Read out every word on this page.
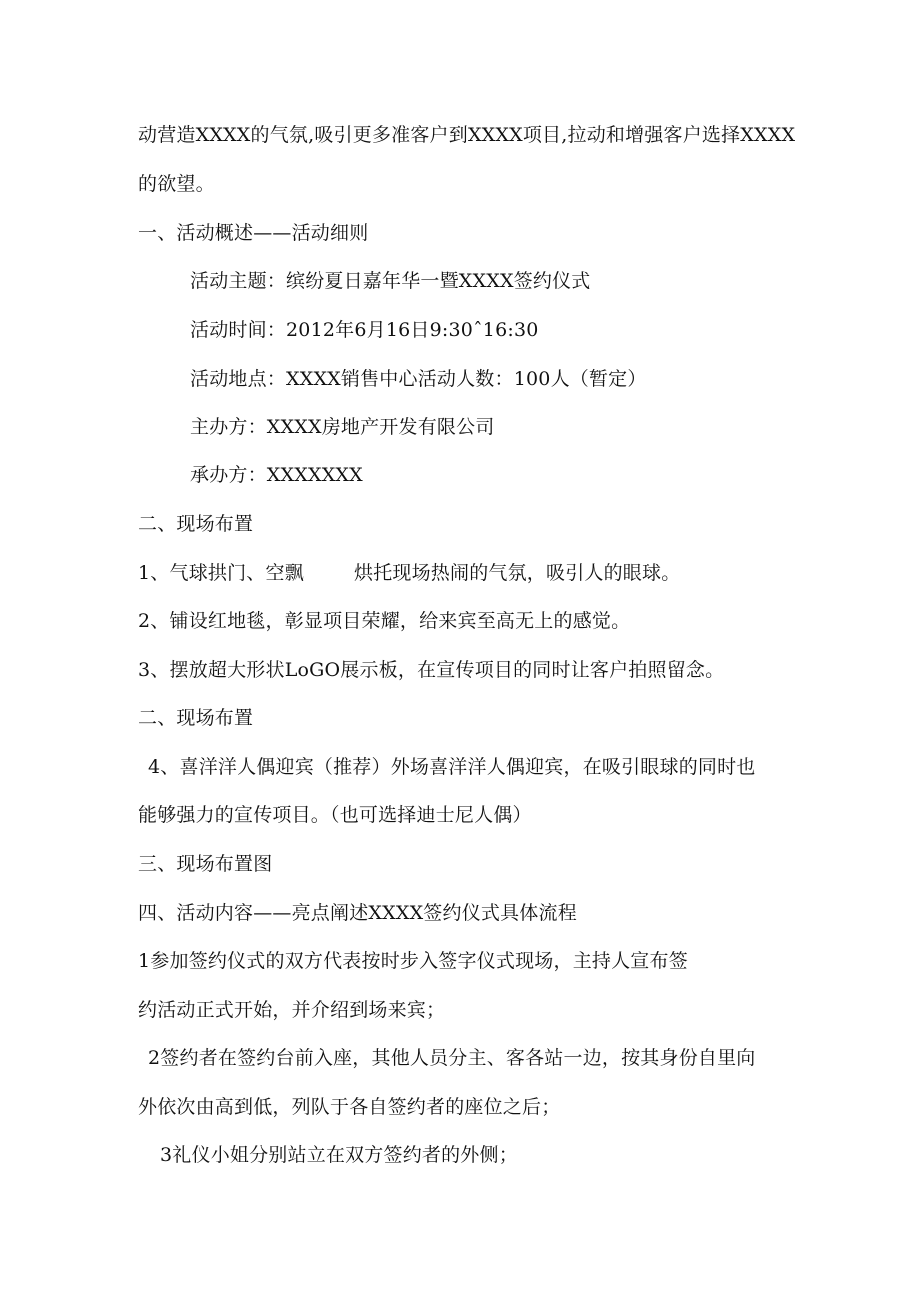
动营造XXXX的气氛,吸引更多准客户到XXXX项目,拉动和增强客户选择XXXX
的欲望。
一、活动概述——活动细则
活动主题：缤纷夏日嘉年华一暨XXXX签约仪式
活动时间：2012年6月16日9:30ˆ16:30
活动地点：XXXX销售中心活动人数：100人（暂定）
主办方：XXXX房地产开发有限公司
承办方：XXXXXXX
二、现场布置
1、气球拱门、空飘	烘托现场热闹的气氛，吸引人的眼球。
2、铺设红地毯，彰显项目荣耀，给来宾至高无上的感觉。
3、摆放超大形状LoGO展示板，在宣传项目的同时让客户拍照留念。
二、现场布置
4、喜洋洋人偶迎宾（推荐）外场喜洋洋人偶迎宾，在吸引眼球的同时也
能够强力的宣传项目。（也可选择迪士尼人偶）
三、现场布置图
四、活动内容——亮点阐述XXXX签约仪式具体流程
1参加签约仪式的双方代表按时步入签字仪式现场，主持人宣布签
约活动正式开始，并介绍到场来宾；
2签约者在签约台前入座，其他人员分主、客各站一边，按其身份自里向
外依次由高到低，列队于各自签约者的座位之后；
3礼仪小姐分别站立在双方签约者的外侧；
